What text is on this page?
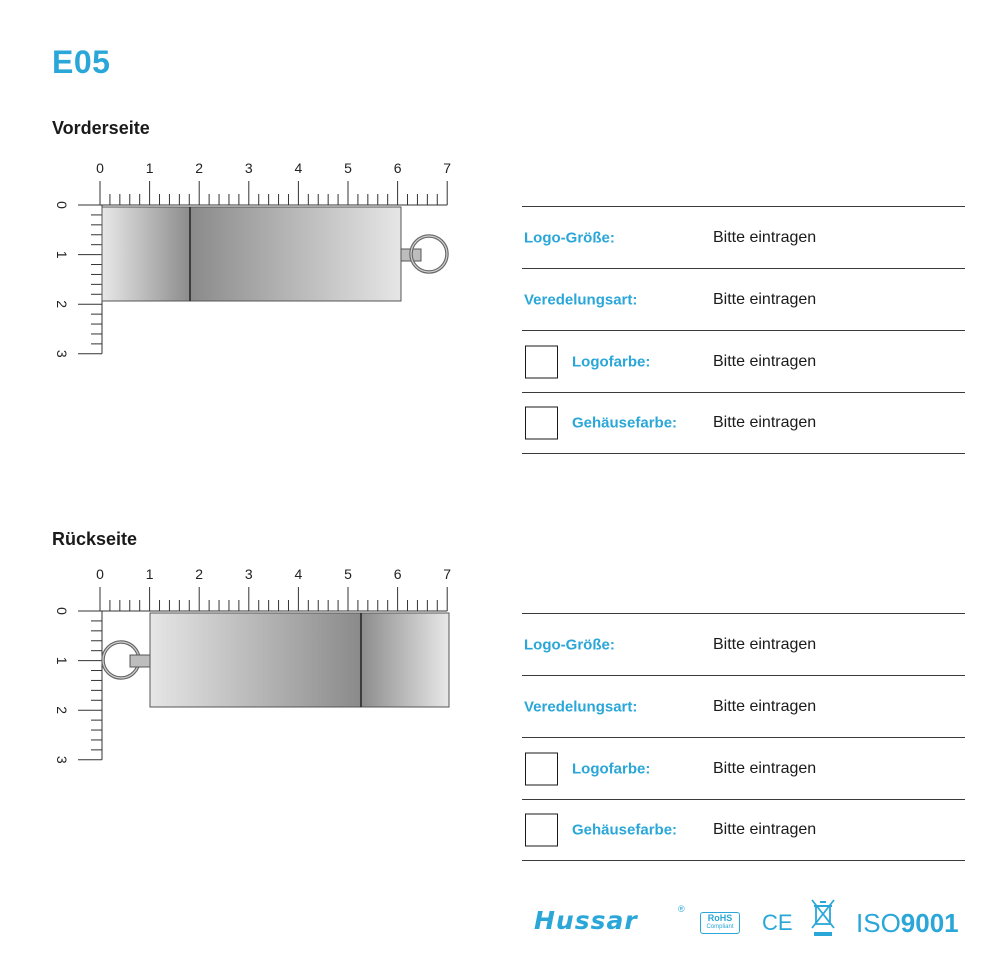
E05
Vorderseite
0	1	2	3	4	5	6	7
0
1
2
3
Logo-Größe:	Bitte eintragen
Veredelungsart:	Bitte eintragen
Logofarbe:	Bitte eintragen
Gehäusefarbe: Bitte eintragen
Rückseite
0	1	2	3	4	5	6	7
0
1
2
3
Logo-Größe:	Bitte eintragen
Veredelungsart:	Bitte eintragen
Logofarbe:	Bitte eintragen
Gehäusefarbe: Bitte eintragen
Hussar	®
RoHS
Compliant CE ISO9001
